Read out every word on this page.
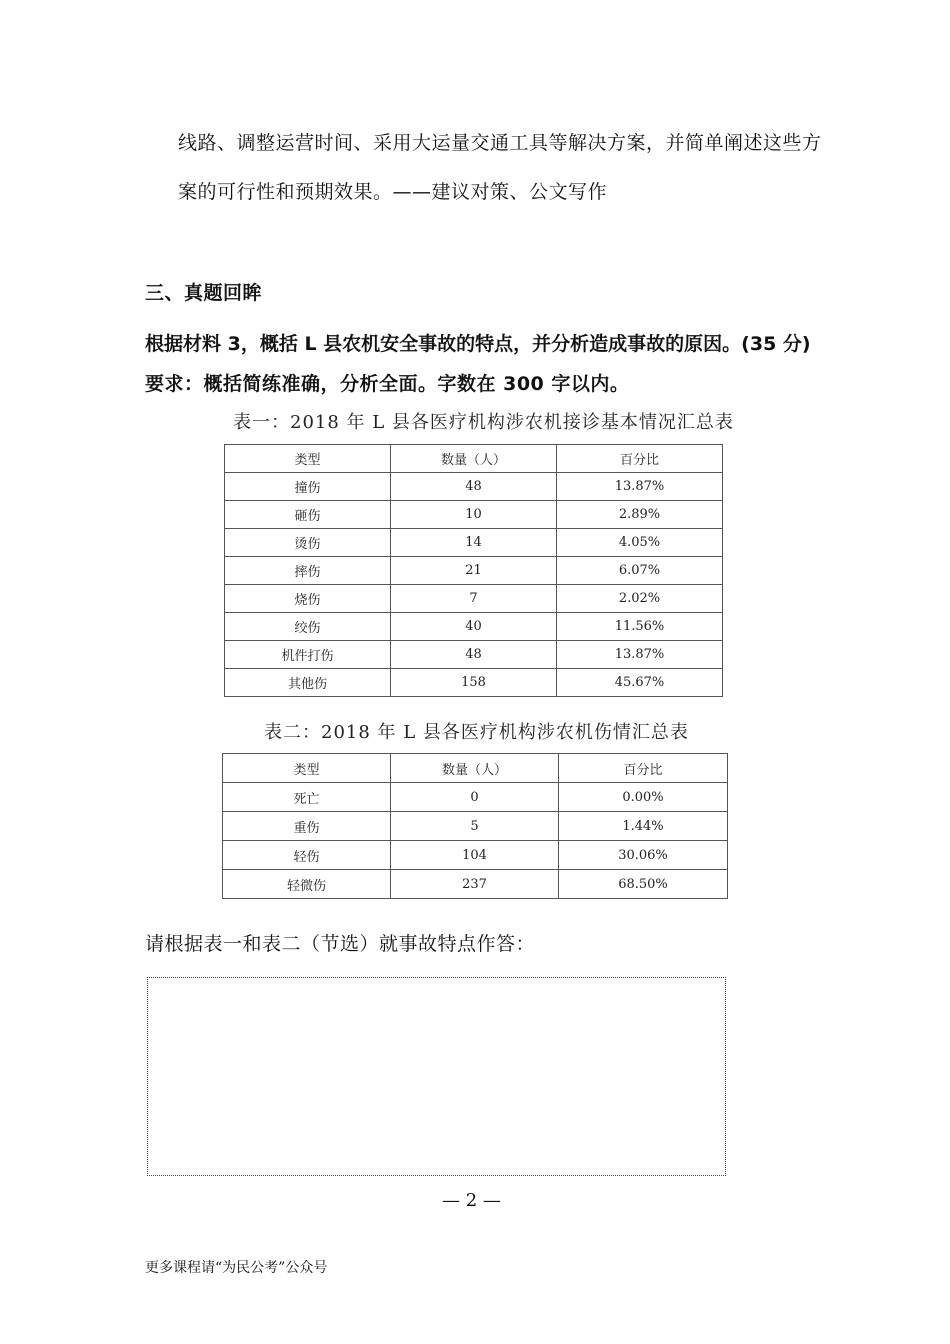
线路、调整运营时间、采用大运量交通工具等解决方案，并简单阐述这些方
案的可行性和预期效果。——建议对策、公文写作
三、真题回眸
根据材料 3，概括 L 县农机安全事故的特点，并分析造成事故的原因。(35 分)
要求：概括简练准确，分析全面。字数在 300 字以内。
表一：2018 年 L 县各医疗机构涉农机接诊基本情况汇总表
类型	数量（人）	百分比
撞伤	48	13.87%
砸伤	10	2.89%
烫伤	14	4.05%
摔伤	21	6.07%
烧伤	7	2.02%
绞伤	40	11.56%
机件打伤	48	13.87%
其他伤	158	45.67%
表二：2018 年 L 县各医疗机构涉农机伤情汇总表
类型	数量（人）	百分比
死亡	0	0.00%
重伤	5	1.44%
轻伤	104	30.06%
轻微伤	237	68.50%
请根据表一和表二（节选）就事故特点作答：
— 2 —
更多课程请“为民公考”公众号
